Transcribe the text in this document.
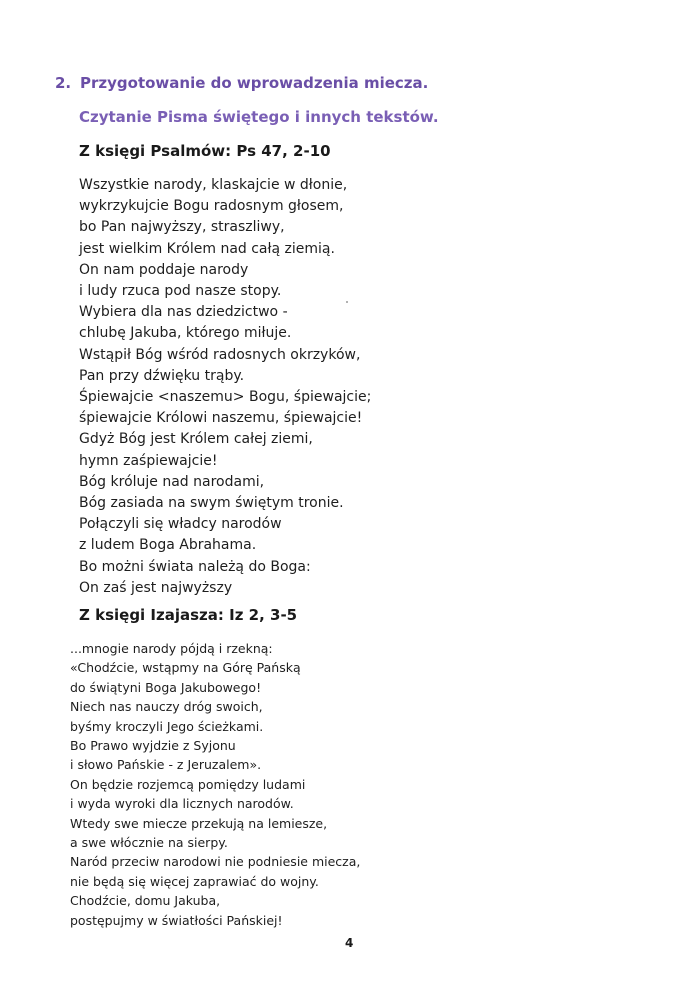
2. Przygotowanie do wprowadzenia miecza.
Czytanie Pisma świętego i innych tekstów.
Z księgi Psalmów: Ps 47, 2-10
Wszystkie narody, klaskajcie w dłonie,
wykrzykujcie Bogu radosnym głosem,
bo Pan najwyższy, straszliwy,
jest wielkim Królem nad całą ziemią.
On nam poddaje narody
i ludy rzuca pod nasze stopy.
Wybiera dla nas dziedzictwo -
chlubę Jakuba, którego miłuje.
Wstąpił Bóg wśród radosnych okrzyków,
Pan przy dźwięku trąby.
Śpiewajcie <naszemu> Bogu, śpiewajcie;
śpiewajcie Królowi naszemu, śpiewajcie!
Gdyż Bóg jest Królem całej ziemi,
hymn zaśpiewajcie!
Bóg króluje nad narodami,
Bóg zasiada na swym świętym tronie.
Połączyli się władcy narodów
z ludem Boga Abrahama.
Bo możni świata należą do Boga:
On zaś jest najwyższy
Z księgi Izajasza: Iz 2, 3-5
...mnogie narody pójdą i rzekną:
«Chodźcie, wstąpmy na Górę Pańską
do świątyni Boga Jakubowego!
Niech nas nauczy dróg swoich,
byśmy kroczyli Jego ścieżkami.
Bo Prawo wyjdzie z Syjonu
i słowo Pańskie - z Jeruzalem».
On będzie rozjemcą pomiędzy ludami
i wyda wyroki dla licznych narodów.
Wtedy swe miecze przekują na lemiesze,
a swe włócznie na sierpy.
Naród przeciw narodowi nie podniesie miecza,
nie będą się więcej zaprawiać do wojny.
Chodźcie, domu Jakuba,
postępujmy w światłości Pańskiej!
4
